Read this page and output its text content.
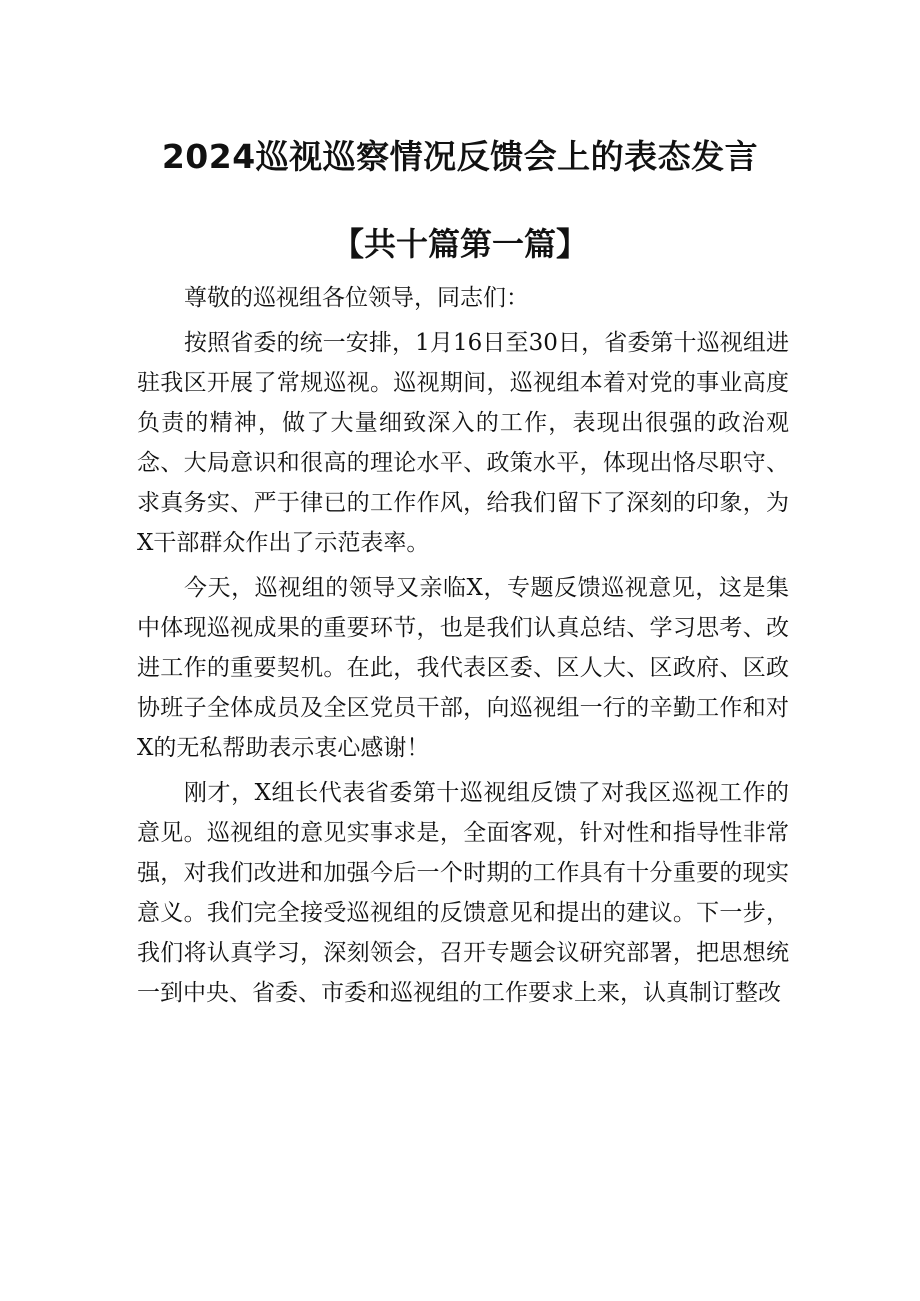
2024巡视巡察情况反馈会上的表态发言
【共十篇第一篇】

尊敬的巡视组各位领导，同志们：

按照省委的统一安排，1月16日至30日，省委第十巡视组进驻我区开展了常规巡视。巡视期间，巡视组本着对党的事业高度负责的精神，做了大量细致深入的工作，表现出很强的政治观念、大局意识和很高的理论水平、政策水平，体现出恪尽职守、求真务实、严于律已的工作作风，给我们留下了深刻的印象，为X干部群众作出了示范表率。

今天，巡视组的领导又亲临X，专题反馈巡视意见，这是集中体现巡视成果的重要环节，也是我们认真总结、学习思考、改进工作的重要契机。在此，我代表区委、区人大、区政府、区政协班子全体成员及全区党员干部，向巡视组一行的辛勤工作和对X的无私帮助表示衷心感谢！

刚才，X组长代表省委第十巡视组反馈了对我区巡视工作的意见。巡视组的意见实事求是，全面客观，针对性和指导性非常强，对我们改进和加强今后一个时期的工作具有十分重要的现实意义。我们完全接受巡视组的反馈意见和提出的建议。下一步，我们将认真学习，深刻领会，召开专题会议研究部署，把思想统一到中央、省委、市委和巡视组的工作要求上来，认真制订整改
